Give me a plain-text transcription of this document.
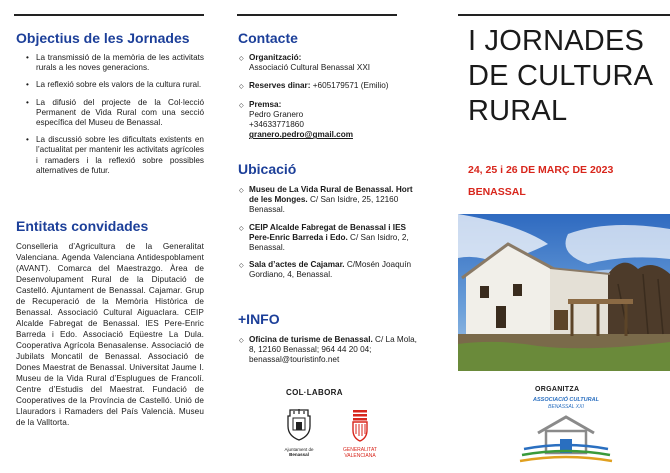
Objectius de les Jornades
• La transmissió de la memòria de les activitats rurals a les noves generacions.
• La reflexió sobre els valors de la cultura rural.
• La difusió del projecte de la Col·lecció Permanent de Vida Rural com una secció específica del Museu de Benassal.
• La discussió sobre les dificultats existents en l’actualitat per mantenir les activitats agrícoles i ramaders i la reflexió sobre possibles alternatives de futur.
Entitats convidades
Conselleria d’Agricultura de la Generalitat Valenciana. Agenda Valenciana Antidespoblament (AVANT). Comarca del Maestrazgo. Àrea de Desenvolupament Rural de la Diputació de Castelló. Ajuntament de Benassal. Cajamar. Grup de Recuperació de la Memòria Històrica de Benassal. Associació Cultural Aiguaclara. CEIP Alcalde Fabregat de Benassal. IES Pere-Enric Barreda i Edo. Associació Eqüestre La Dula. Cooperativa Agrícola Benasalense. Associació de Jubilats Moncatil de Benassal. Associació de Dones Maestrat de Benassal. Universitat Jaume I. Museu de la Vida Rural d’Esplugues de Francolí. Centre d’Estudis del Maestrat. Fundació de Cooperatives de la Província de Castelló. Unió de Llauradors i Ramaders del País Valencià. Museu de la Valltorta.
Contacte
◇ Organització:
Associació Cultural Benassal XXI
◇ Reserves dinar: +605179571 (Emilio)
◇ Premsa:
Pedro Granero
+34633771860
granero.pedro@gmail.com
Ubicació
◇ Museu de La Vida Rural de Benassal. Hort de les Monges. C/ San Isidre, 25, 12160 Benassal.
◇ CEIP Alcalde Fabregat de Benassal i IES Pere-Enric Barreda i Edo. C/ San Isidro, 2, Benassal.
◇ Sala d’actes de Cajamar. C/Mosén Joaquín Gordiano, 4, Benassal.
+INFO
◇ Oficina de turisme de Benassal. C/ La Mola, 8, 12160 Benassal; 964 44 20 04; benassal@touristinfo.net
COL·LABORA
Ajuntament de
Benassal
GENERALITAT
VALENCIANA
I JORNADES
DE CULTURA
RURAL
24, 25 i 26 DE MARÇ DE 2023
BENASSAL
ORGANITZA
ASSOCIACIÓ CULTURAL
BENASSAL XXI
